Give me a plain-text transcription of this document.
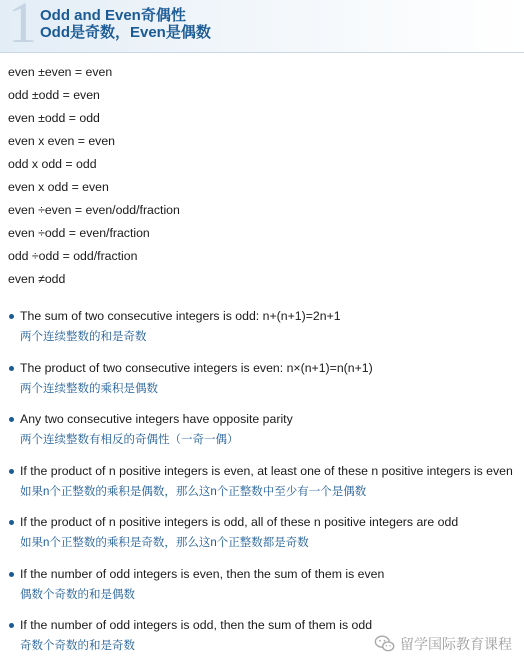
1 Odd and Even奇偶性
Odd是奇数，Even是偶数
even ±even = even
odd ±odd = even
even ±odd = odd
even x even = even
odd x odd = odd
even x odd = even
even ÷even = even/odd/fraction
even ÷odd = even/fraction
odd ÷odd = odd/fraction
even ≠odd
The sum of two consecutive integers is odd: n+(n+1)=2n+1
两个连续整数的和是奇数
The product of two consecutive integers is even: n×(n+1)=n(n+1)
两个连续整数的乘积是偶数
Any two consecutive integers have opposite parity
两个连续整数有相反的奇偶性（一奇一偶）
If the product of n positive integers is even, at least one of these n positive integers is even
如果n个正整数的乘积是偶数，那么这n个正整数中至少有一个是偶数
If the product of n positive integers is odd, all of these n positive integers are odd
如果n个正整数的乘积是奇数，那么这n个正整数都是奇数
If the number of odd integers is even, then the sum of them is even
偶数个奇数的和是偶数
If the number of odd integers is odd, then the sum of them is odd
奇数个奇数的和是奇数	留学国际教育课程
